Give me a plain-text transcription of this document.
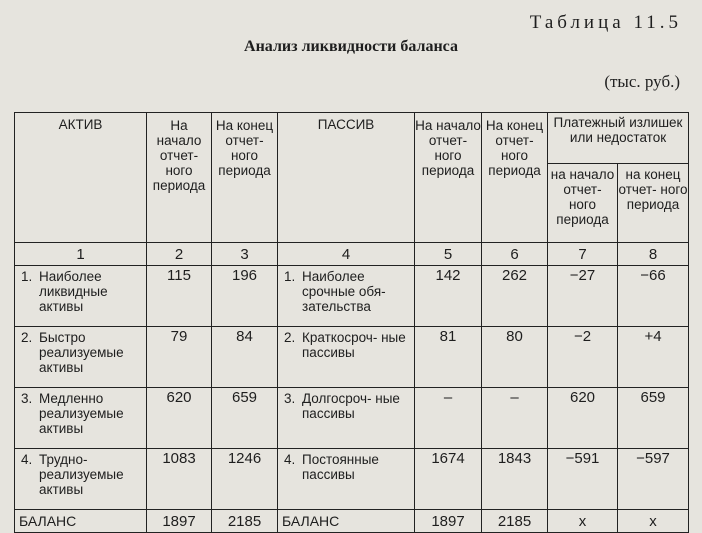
Таблица 11.5
Анализ ликвидности баланса
(тыс. руб.)
АКТИВ	На начало отчет- ного периода	На конец отчет- ного периода	ПАССИВ	На начало отчет- ного периода	На конец отчет- ного периода	Платежный излишек или недостаток	
						на начало отчет- ного периода	на конец отчет- ного периода
1	2	3	4	5	6	7	8

1. Наиболее ликвидные активы	115	196	1. Наиболее срочные обя- зательства	142	262	−27	−66

2. Быстро реализуемые активы	79	84	2. Краткосроч- ные пассивы	81	80	−2	+4

3. Медленно реализуемые активы	620	659	3. Долгосроч- ные пассивы	–	–	620	659

4. Трудно- реализуемые активы	1083	1246	4. Постоянные пассивы	1674	1843	−591	−597
БАЛАНС	1897	2185	БАЛАНС	1897	2185	x	x
